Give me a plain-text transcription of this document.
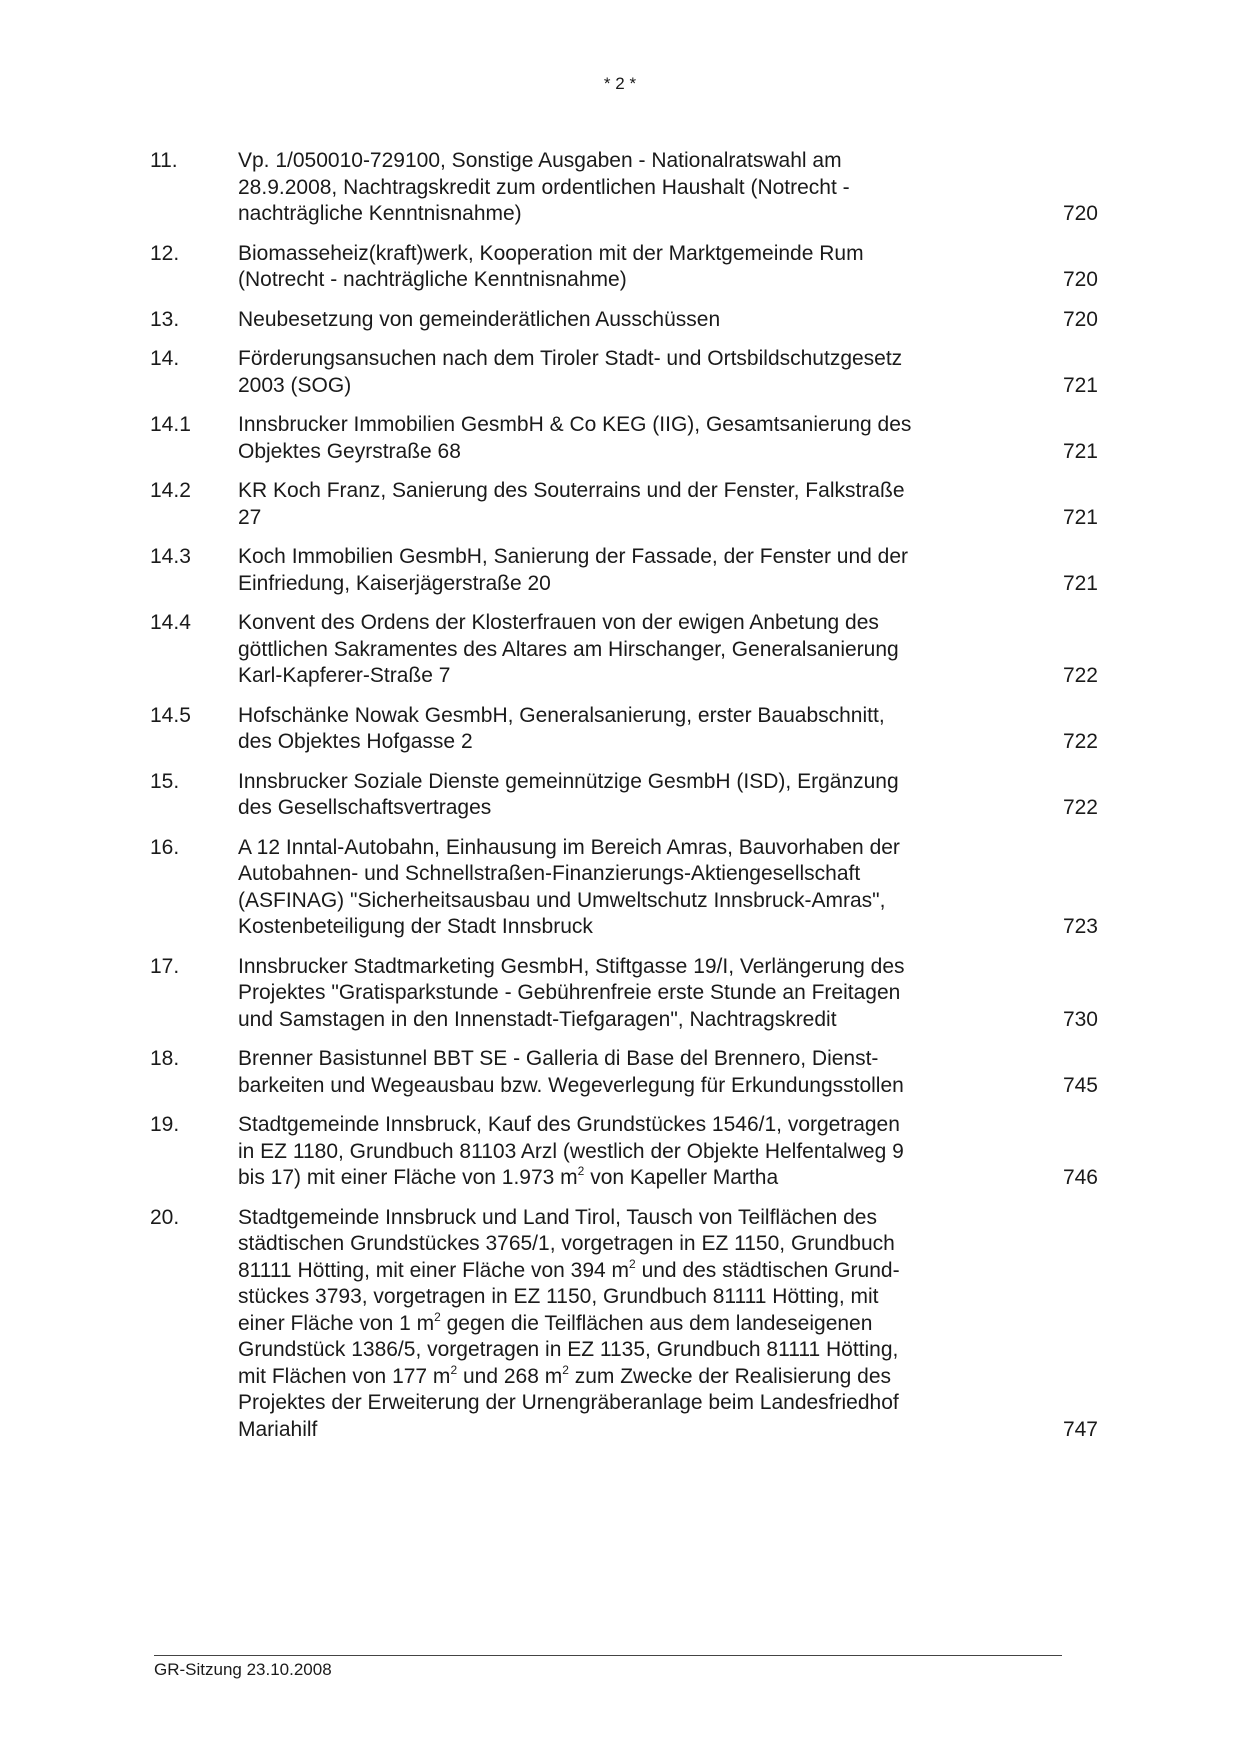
* 2 *
11.	Vp. 1/050010-729100, Sonstige Ausgaben - Nationalratswahl am
28.9.2008, Nachtragskredit zum ordentlichen Haushalt (Notrecht -
nachträgliche Kenntnisnahme)	720
12.	Biomasseheiz(kraft)werk, Kooperation mit der Marktgemeinde Rum
(Notrecht - nachträgliche Kenntnisnahme)	720
13.	Neubesetzung von gemeinderätlichen Ausschüssen	720
14.	Förderungsansuchen nach dem Tiroler Stadt- und Ortsbildschutzgesetz
2003 (SOG)	721
14.1	Innsbrucker Immobilien GesmbH & Co KEG (IIG), Gesamtsanierung des
Objektes Geyrstraße 68	721
14.2	KR Koch Franz, Sanierung des Souterrains und der Fenster, Falkstraße
27	721
14.3	Koch Immobilien GesmbH, Sanierung der Fassade, der Fenster und der
Einfriedung, Kaiserjägerstraße 20	721
14.4	Konvent des Ordens der Klosterfrauen von der ewigen Anbetung des
göttlichen Sakramentes des Altares am Hirschanger, Generalsanierung
Karl-Kapferer-Straße 7	722
14.5	Hofschänke Nowak GesmbH, Generalsanierung, erster Bauabschnitt,
des Objektes Hofgasse 2	722
15.	Innsbrucker Soziale Dienste gemeinnützige GesmbH (ISD), Ergänzung
des Gesellschaftsvertrages	722
16.	A 12 Inntal-Autobahn, Einhausung im Bereich Amras, Bauvorhaben der
Autobahnen- und Schnellstraßen-Finanzierungs-Aktiengesellschaft
(ASFINAG) "Sicherheitsausbau und Umweltschutz Innsbruck-Amras",
Kostenbeteiligung der Stadt Innsbruck	723
17.	Innsbrucker Stadtmarketing GesmbH, Stiftgasse 19/I, Verlängerung des
Projektes "Gratisparkstunde - Gebührenfreie erste Stunde an Freitagen
und Samstagen in den Innenstadt-Tiefgaragen", Nachtragskredit	730
18.	Brenner Basistunnel BBT SE - Galleria di Base del Brennero, Dienst-
barkeiten und Wegeausbau bzw. Wegeverlegung für Erkundungsstollen	745
19.	Stadtgemeinde Innsbruck, Kauf des Grundstückes 1546/1, vorgetragen
in EZ 1180, Grundbuch 81103 Arzl (westlich der Objekte Helfentalweg 9
bis 17) mit einer Fläche von 1.973 $m^2$ von Kapeller Martha	746
20.	Stadtgemeinde Innsbruck und Land Tirol, Tausch von Teilflächen des
städtischen Grundstückes 3765/1, vorgetragen in EZ 1150, Grundbuch
81111 Hötting, mit einer Fläche von 394 $m^2$ und des städtischen Grund-
stückes 3793, vorgetragen in EZ 1150, Grundbuch 81111 Hötting, mit
einer Fläche von 1 $m^2$ gegen die Teilflächen aus dem landeseigenen
Grundstück 1386/5, vorgetragen in EZ 1135, Grundbuch 81111 Hötting,
mit Flächen von 177 $m^2$ und 268 $m^2$ zum Zwecke der Realisierung des
Projektes der Erweiterung der Urnengräberanlage beim Landesfriedhof
Mariahilf	747
GR-Sitzung 23.10.2008
